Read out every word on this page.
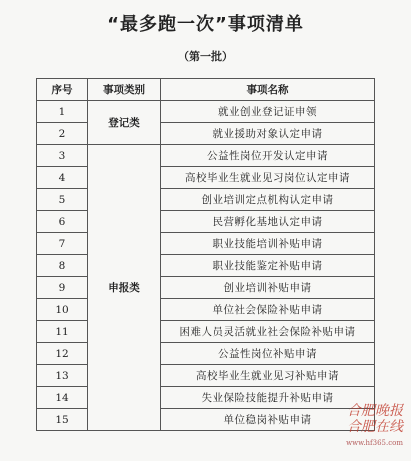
“最多跑一次”事项清单
（第一批）
序号	事项类别	事项名称
1	登记类	就业创业登记证申领
2		就业援助对象认定申请
3	申报类	公益性岗位开发认定申请
4		高校毕业生就业见习岗位认定申请
5		创业培训定点机构认定申请
6		民营孵化基地认定申请
7		职业技能培训补贴申请
8		职业技能鉴定补贴申请
9		创业培训补贴申请
10		单位社会保险补贴申请
11		困难人员灵活就业社会保险补贴申请
12		公益性岗位补贴申请
13		高校毕业生就业见习补贴申请
14		失业保险技能提升补贴申请
15		单位稳岗补贴申请
合肥晚报
合肥在线
www.hf365.com
